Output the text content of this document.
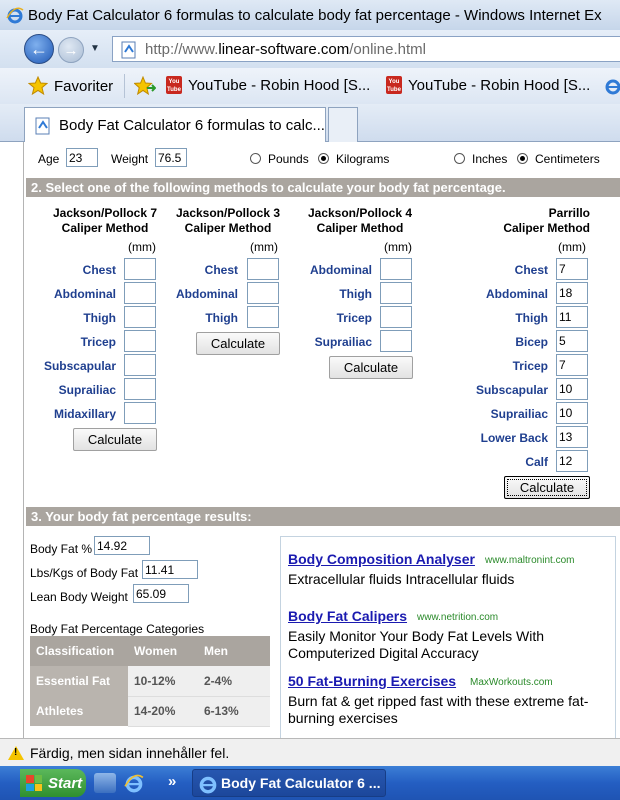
Body Fat Calculator 6 formulas to calculate body fat percentage - Windows Internet Ex
← → ▼	http://www. linear-software.com /online.html
Favoriter	You
Tube YouTube - Robin Hood [S...	You
Tube YouTube - Robin Hood [S...
Body Fat Calculator 6 formulas to calc...
Age
23	Weight
76.5	Pounds Kilograms	Inches Centimeters
2. Select one of the following methods to calculate your body fat percentage.
Jackson/Pollock 7
Caliper Method
(mm)
Chest
Abdominal
Thigh
Tricep
Subscapular
Suprailiac
Midaxillary
Calculate
Jackson/Pollock 3
Caliper Method
(mm)
Chest
Abdominal
Thigh
Calculate
Jackson/Pollock 4
Caliper Method
(mm)
Abdominal
Thigh
Tricep
Suprailiac
Calculate
Parrillo
Caliper Method
(mm)
Chest
7
Abdominal
18
Thigh
11
Bicep
5
Tricep
7
Subscapular
10
Suprailiac
10
Lower Back
13
Calf
12
Calculate
3. Your body fat percentage results:
Body Fat %
14.92
Lbs/Kgs of Body Fat
11.41
Lean Body Weight
65.09
Body Fat Percentage Categories
Classification	Women	Men
Essential Fat	10-12%	2-4%
Athletes	14-20%	6-13%
Body Composition Analyser www.maltronint.com
Extracellular fluids Intracellular fluids
Body Fat Calipers www.netrition.com
Easily Monitor Your Body Fat Levels With Computerized Digital Accuracy
50 Fat-Burning Exercises MaxWorkouts.com
Burn fat & get ripped fast with these extreme fat-burning exercises
!
Färdig, men sidan innehåller fel.
Start	»	Body Fat Calculator 6 ...
